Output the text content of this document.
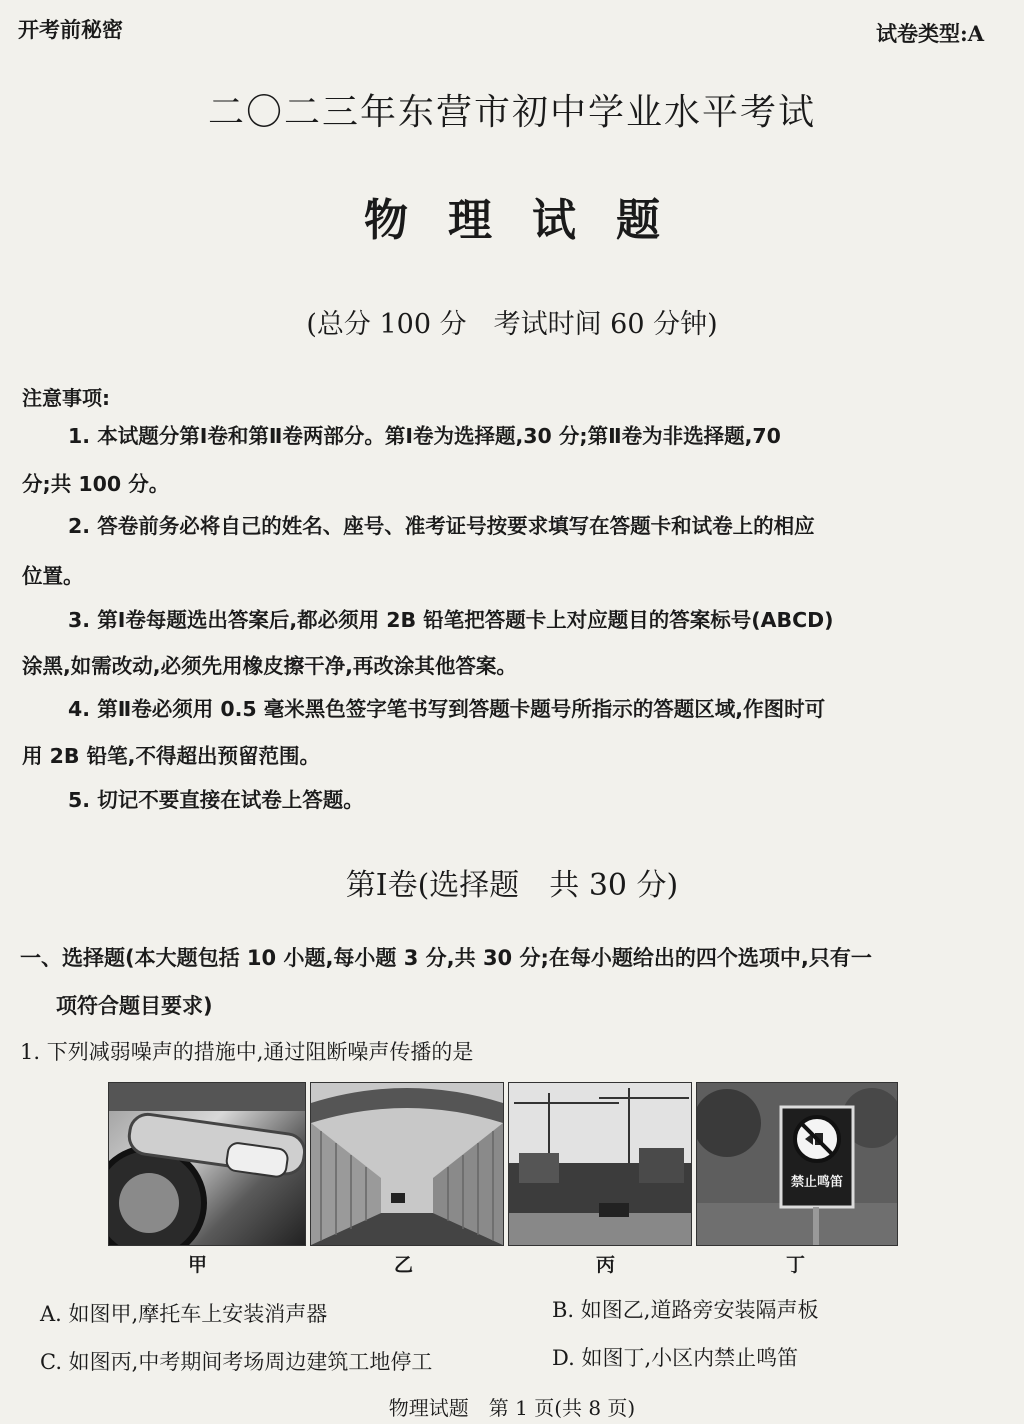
开考前秘密	试卷类型:A
二〇二三年东营市初中学业水平考试
物理试题
(总分 100 分　考试时间 60 分钟)
注意事项:
1. 本试题分第Ⅰ卷和第Ⅱ卷两部分。第Ⅰ卷为选择题,30 分;第Ⅱ卷为非选择题,70
分;共 100 分。
2. 答卷前务必将自己的姓名、座号、准考证号按要求填写在答题卡和试卷上的相应
位置。
3. 第Ⅰ卷每题选出答案后,都必须用 2B 铅笔把答题卡上对应题目的答案标号(ABCD)
涂黑,如需改动,必须先用橡皮擦干净,再改涂其他答案。
4. 第Ⅱ卷必须用 0.5 毫米黑色签字笔书写到答题卡题号所指示的答题区域,作图时可
用 2B 铅笔,不得超出预留范围。
5. 切记不要直接在试卷上答题。
第Ⅰ卷(选择题　共 30 分)
一、选择题(本大题包括 10 小题,每小题 3 分,共 30 分;在每小题给出的四个选项中,只有一
项符合题目要求)
1. 下列减弱噪声的措施中,通过阻断噪声传播的是
禁止鸣笛
甲	乙	丙	丁
A. 如图甲,摩托车上安装消声器	B. 如图乙,道路旁安装隔声板
C. 如图丙,中考期间考场周边建筑工地停工	D. 如图丁,小区内禁止鸣笛
物理试题　第 1 页(共 8 页)
